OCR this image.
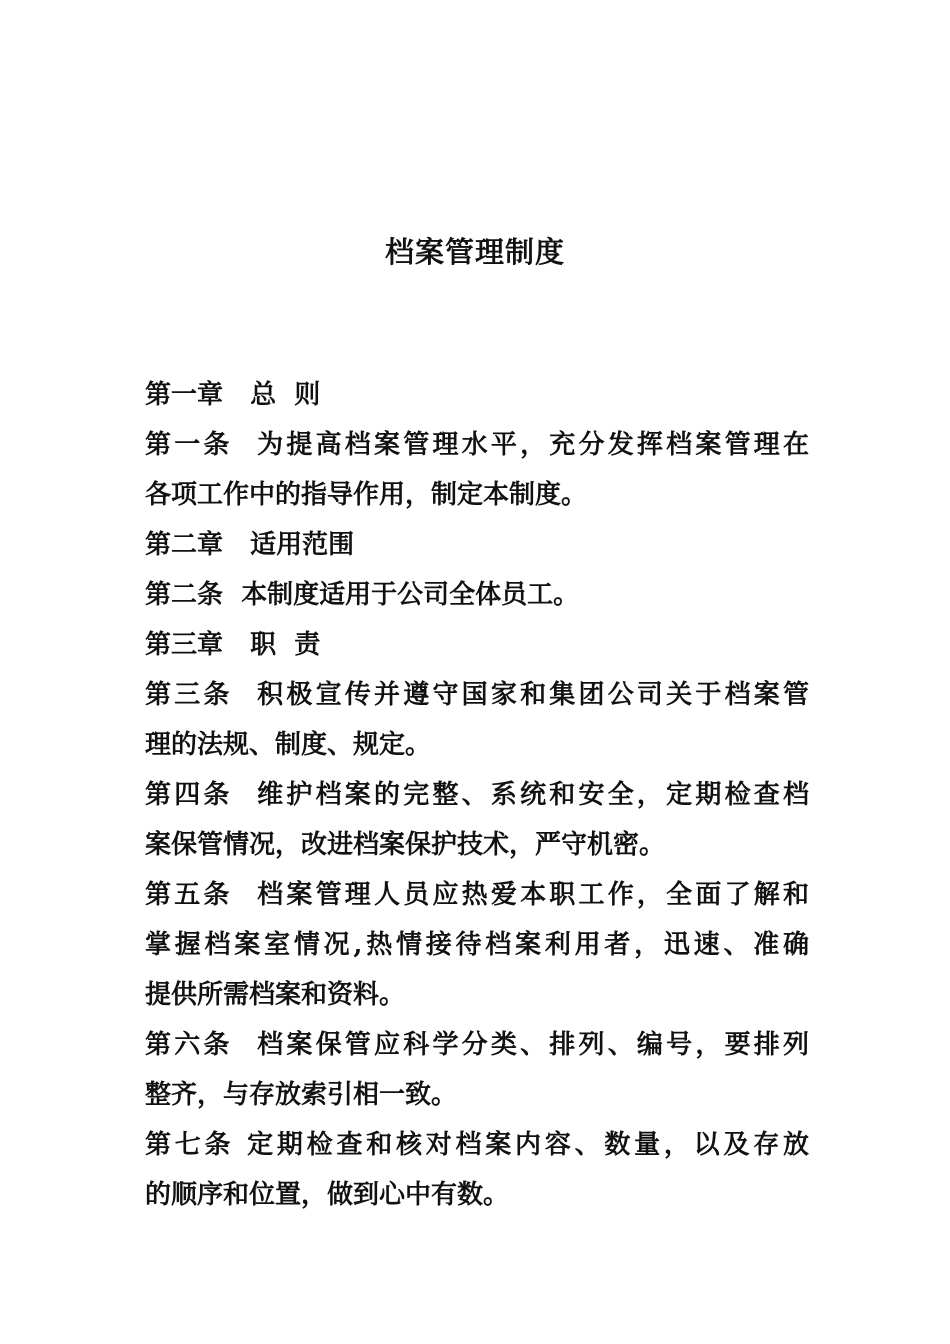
档案管理制度
第一章   总  则
第一条  为提高档案管理水平，充分发挥档案管理在
各项工作中的指导作用，制定本制度。
第二章   适用范围
第二条  本制度适用于公司全体员工。
第三章   职  责
第三条  积极宣传并遵守国家和集团公司关于档案管
理的法规、制度、规定。
第四条  维护档案的完整、系统和安全，定期检查档
案保管情况，改进档案保护技术，严守机密。
第五条  档案管理人员应热爱本职工作，全面了解和
掌握档案室情况,热情接待档案利用者，迅速、准确
提供所需档案和资料。
第六条  档案保管应科学分类、排列、编号，要排列
整齐，与存放索引相一致。
第七条 定期检查和核对档案内容、数量，以及存放
的顺序和位置，做到心中有数。
